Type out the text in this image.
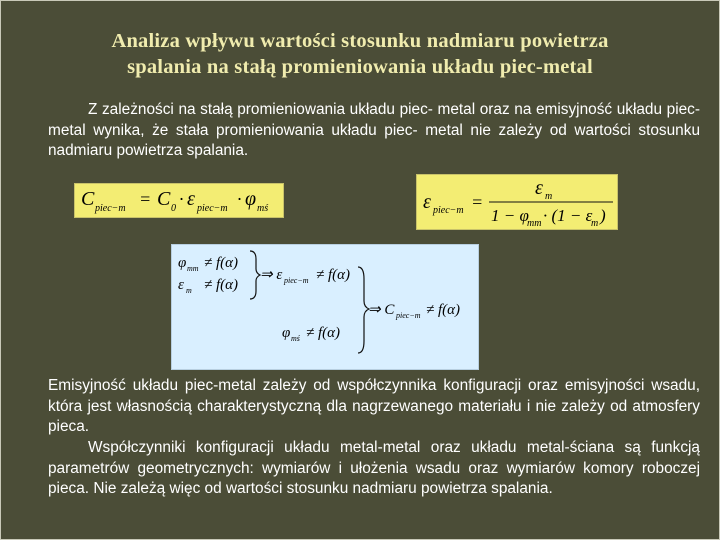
Analiza wpływu wartości stosunku nadmiaru powietrza
spalania na stałą promieniowania układu piec-metal
Z zależności na stałą promieniowania układu piec- metal oraz na emisyjność układu piec- metal wynika, że stała promieniowania układu piec- metal nie zależy od wartości stosunku nadmiaru powietrza spalania.
C piec−m = C 0 · ε piec−m · φ mś	ε piec−m =
ε m
1 − φ
mm · (1 − ε
m )
φ mm ≠ f(α)
ε m ≠ f(α)
⇒ ε piec−m ≠ f(α)
⇒ C piec−m ≠ f(α)
φ mś ≠ f(α)
Emisyjność układu piec-metal zależy od współczynnika konfiguracji oraz emisyjności wsadu, która jest własnością charakterystyczną dla nagrzewanego materiału i nie zależy od atmosfery pieca.
Współczynniki konfiguracji układu metal-metal oraz układu metal-ściana są funkcją parametrów geometrycznych: wymiarów i ułożenia wsadu oraz wymiarów komory roboczej pieca. Nie zależą więc od wartości stosunku nadmiaru powietrza spalania.
